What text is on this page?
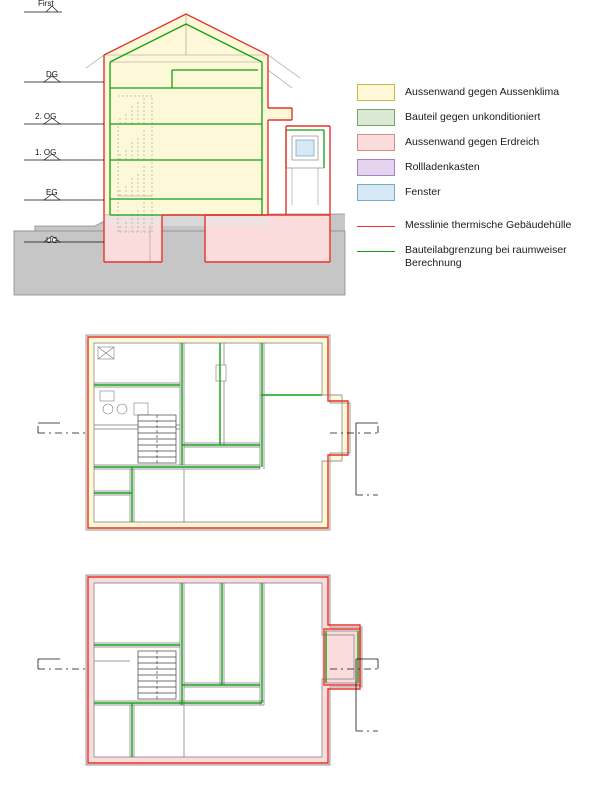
First
DG
2. OG
1. OG
EG
UG
Aussenwand gegen Aussenklima
Bauteil gegen unkonditioniert
Aussenwand gegen Erdreich
Rollladenkasten
Fenster
Messlinie thermische Gebäudehülle
Bauteilabgrenzung bei raumweiser Berechnung
